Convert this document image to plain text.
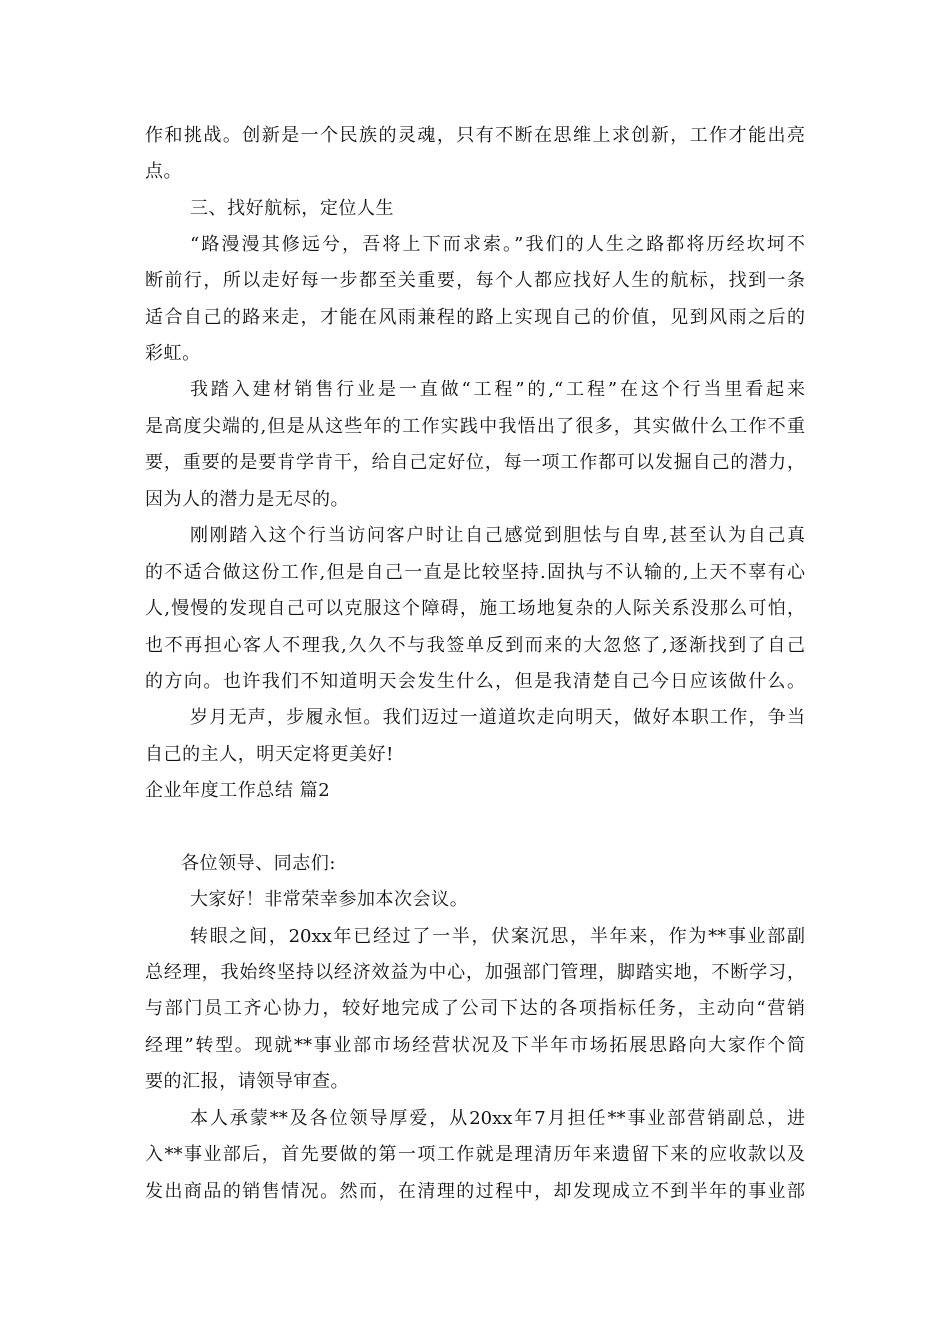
作和挑战。创新是一个民族的灵魂，只有不断在思维上求创新，工作才能出亮
点。
三、找好航标，定位人生
“路漫漫其修远兮，吾将上下而求索。”我们的人生之路都将历经坎坷不
断前行，所以走好每一步都至关重要，每个人都应找好人生的航标，找到一条
适合自己的路来走，才能在风雨兼程的路上实现自己的价值，见到风雨之后的
彩虹。
我踏入建材销售行业是一直做“工程”的,“工程”在这个行当里看起来
是高度尖端的,但是从这些年的工作实践中我悟出了很多，其实做什么工作不重
要，重要的是要肯学肯干，给自己定好位，每一项工作都可以发掘自己的潜力，
因为人的潜力是无尽的。
刚刚踏入这个行当访问客户时让自己感觉到胆怯与自卑,甚至认为自己真
的不适合做这份工作,但是自己一直是比较坚持.固执与不认输的,上天不辜有心
人,慢慢的发现自己可以克服这个障碍，施工场地复杂的人际关系没那么可怕，
也不再担心客人不理我,久久不与我签单反到而来的大忽悠了,逐渐找到了自己
的方向。也许我们不知道明天会发生什么，但是我清楚自己今日应该做什么。
岁月无声，步履永恒。我们迈过一道道坎走向明天，做好本职工作，争当
自己的主人，明天定将更美好!
企业年度工作总结 篇2
各位领导、同志们:
大家好！非常荣幸参加本次会议。
转眼之间，20xx年已经过了一半，伏案沉思，半年来，作为**事业部副
总经理，我始终坚持以经济效益为中心，加强部门管理，脚踏实地，不断学习，
与部门员工齐心协力，较好地完成了公司下达的各项指标任务，主动向“营销
经理”转型。现就**事业部市场经营状况及下半年市场拓展思路向大家作个简
要的汇报，请领导审查。
本人承蒙**及各位领导厚爱，从20xx年7月担任**事业部营销副总，进
入**事业部后，首先要做的第一项工作就是理清历年来遗留下来的应收款以及
发出商品的销售情况。然而，在清理的过程中，却发现成立不到半年的事业部
